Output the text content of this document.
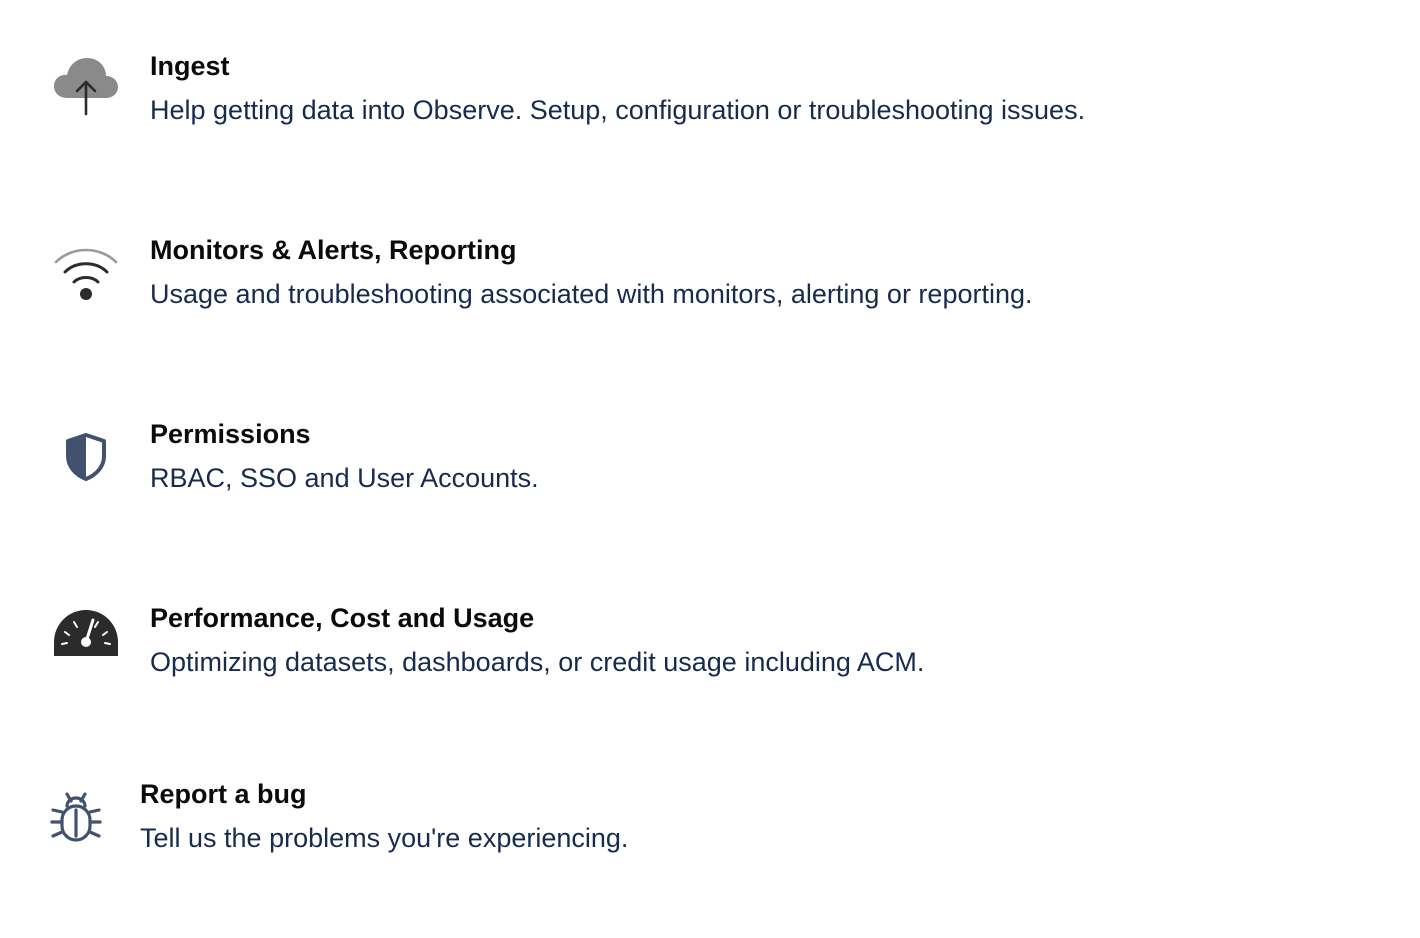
Ingest
Help getting data into Observe. Setup, configuration or troubleshooting issues.
Monitors & Alerts, Reporting
Usage and troubleshooting associated with monitors, alerting or reporting.
Permissions
RBAC, SSO and User Accounts.
Performance, Cost and Usage
Optimizing datasets, dashboards, or credit usage including ACM.
Report a bug
Tell us the problems you're experiencing.
